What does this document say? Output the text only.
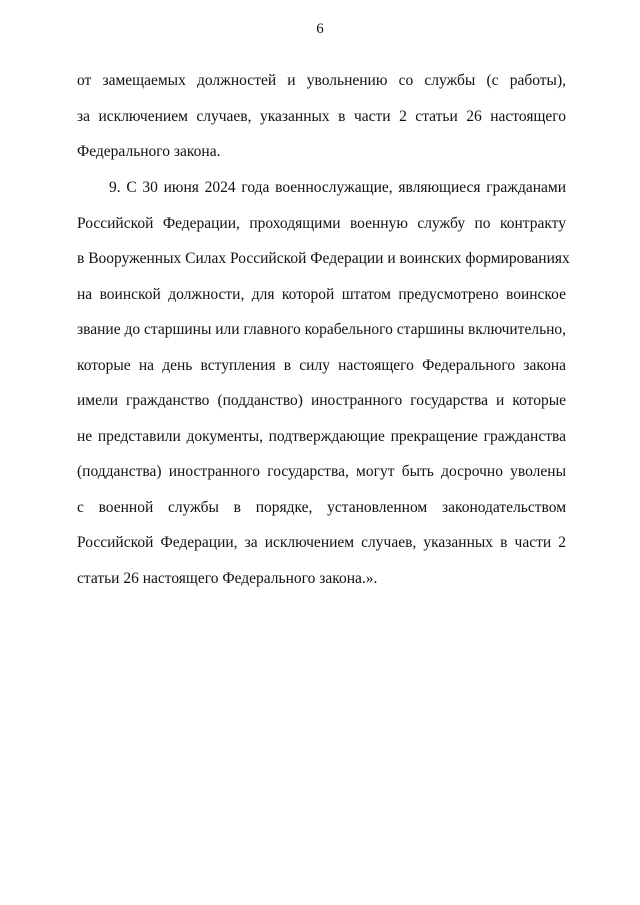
6
от замещаемых должностей и увольнению со службы (с работы),
за исключением случаев, указанных в части 2 статьи 26 настоящего
Федерального закона.
9. С 30 июня 2024 года военнослужащие, являющиеся гражданами
Российской Федерации, проходящими военную службу по контракту
в Вооруженных Силах Российской Федерации и воинских формированиях
на воинской должности, для которой штатом предусмотрено воинское
звание до старшины или главного корабельного старшины включительно,
которые на день вступления в силу настоящего Федерального закона
имели гражданство (подданство) иностранного государства и которые
не представили документы, подтверждающие прекращение гражданства
(подданства) иностранного государства, могут быть досрочно уволены
с военной службы в порядке, установленном законодательством
Российской Федерации, за исключением случаев, указанных в части 2
статьи 26 настоящего Федерального закона.».
